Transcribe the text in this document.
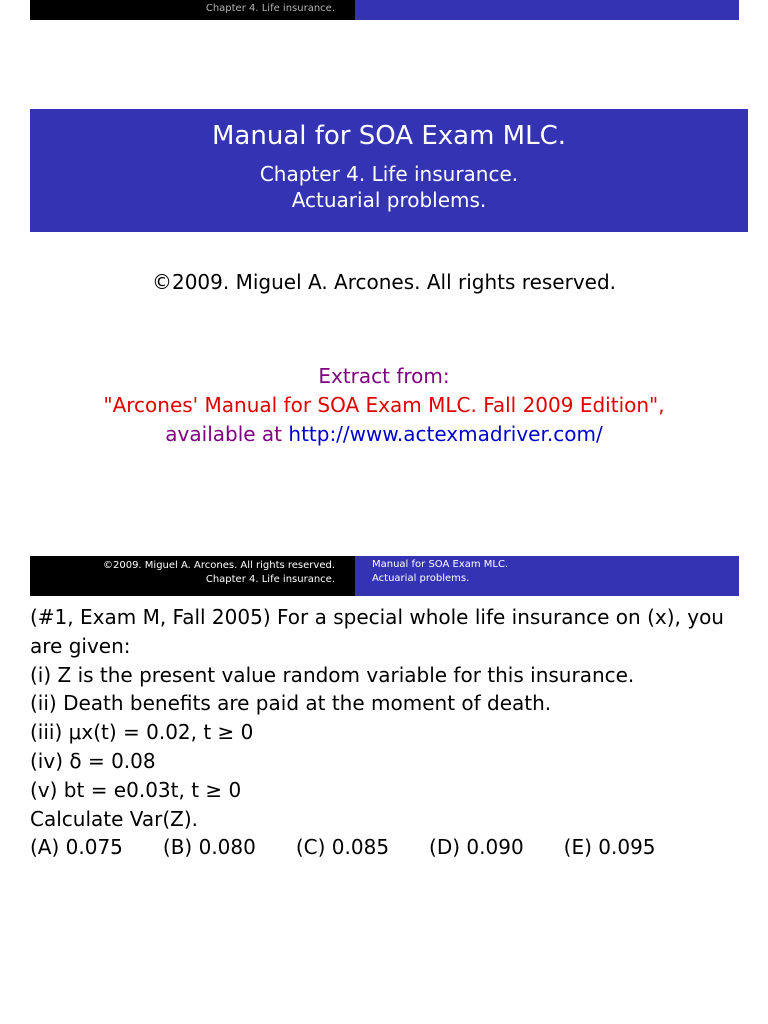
Chapter 4. Life insurance.
Manual for SOA Exam MLC.
Chapter 4. Life insurance.
Actuarial problems.
©2009. Miguel A. Arcones. All rights reserved.
Extract from:
"Arcones' Manual for SOA Exam MLC. Fall 2009 Edition",
available at http://www.actexmadriver.com/
©2009. Miguel A. Arcones. All rights reserved.
Chapter 4. Life insurance.
Manual for SOA Exam MLC.
Actuarial problems.
(#1, Exam M, Fall 2005) For a special whole life insurance on (x), you
are given:
(i) Z is the present value random variable for this insurance.
(ii) Death benefits are paid at the moment of death.
(iii) μx(t) = 0.02, t ≥ 0
(iv) δ = 0.08
(v) bt = e0.03t, t ≥ 0
Calculate Var(Z).
(A) 0.075 (B) 0.080 (C) 0.085 (D) 0.090 (E) 0.095
